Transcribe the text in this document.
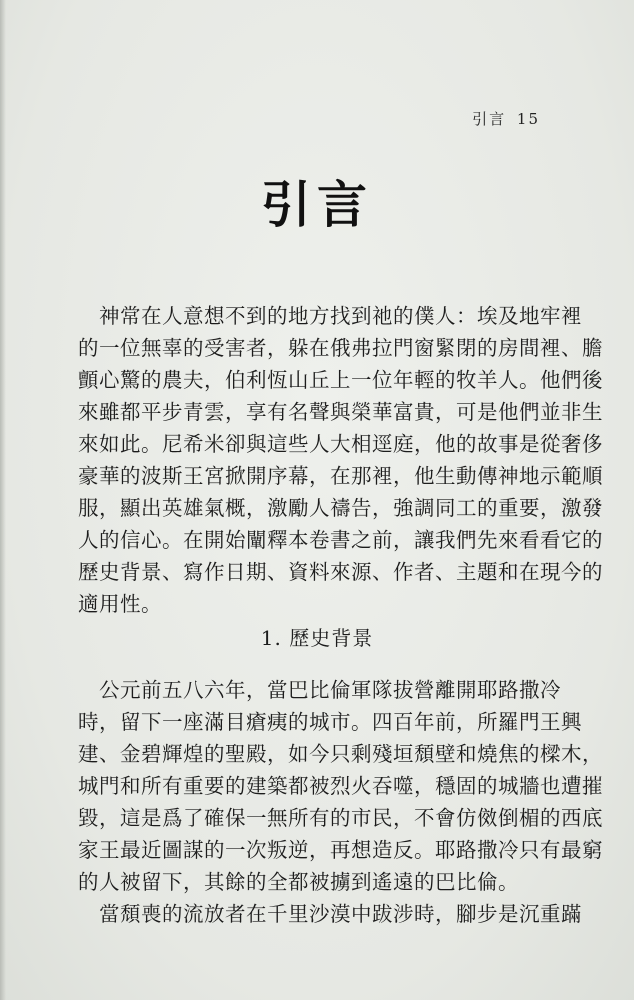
引言 15
引言
　神常在人意想不到的地方找到祂的僕人：埃及地牢裡
的一位無辜的受害者，躲在俄弗拉門窗緊閉的房間裡、膽
顫心驚的農夫，伯利恆山丘上一位年輕的牧羊人。他們後
來雖都平步青雲，享有名聲與榮華富貴，可是他們並非生
來如此。尼希米卻與這些人大相逕庭，他的故事是從奢侈
豪華的波斯王宮掀開序幕，在那裡，他生動傳神地示範順
服，顯出英雄氣概，激勵人禱告，強調同工的重要，激發
人的信心。在開始闡釋本卷書之前，讓我們先來看看它的
歷史背景、寫作日期、資料來源、作者、主題和在現今的
適用性。
1. 歷史背景
　公元前五八六年，當巴比倫軍隊拔營離開耶路撒冷
時，留下一座滿目瘡痍的城市。四百年前，所羅門王興
建、金碧輝煌的聖殿，如今只剩殘垣頹壁和燒焦的樑木，
城門和所有重要的建築都被烈火吞噬，穩固的城牆也遭摧
毀，這是爲了確保一無所有的市民，不會仿傚倒楣的西底
家王最近圖謀的一次叛逆，再想造反。耶路撒冷只有最窮
的人被留下，其餘的全都被擄到遙遠的巴比倫。
　當頹喪的流放者在千里沙漠中跋涉時，腳步是沉重蹣
